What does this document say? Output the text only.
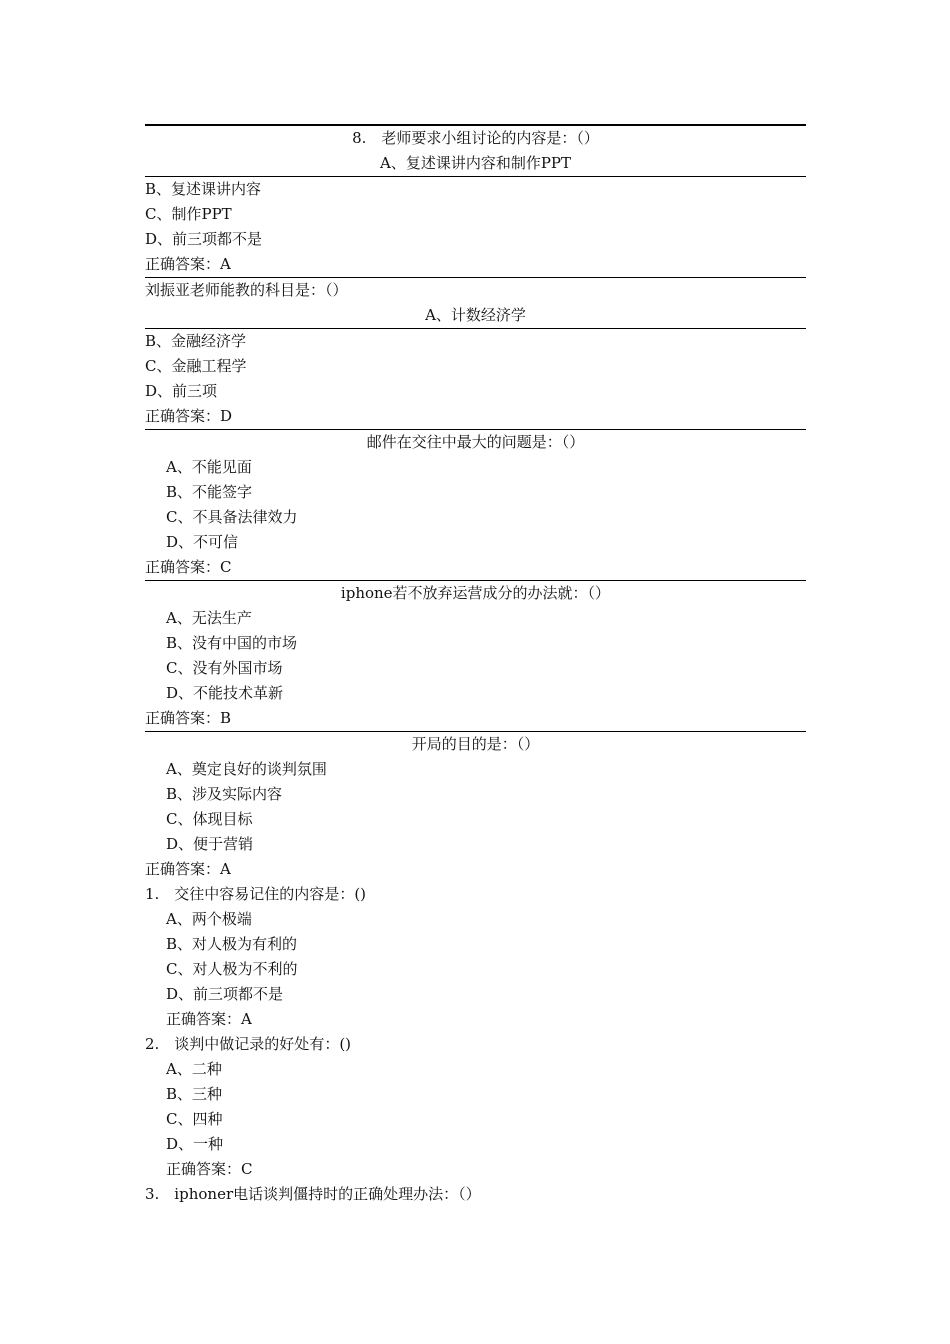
8.　老师要求小组讨论的内容是：（）
A、复述课讲内容和制作PPT
B、复述课讲内容
C、制作PPT
D、前三项都不是
正确答案：A
刘振亚老师能教的科目是：（）
A、计数经济学
B、金融经济学
C、金融工程学
D、前三项
正确答案：D
邮件在交往中最大的问题是：（）
A、不能见面
B、不能签字
C、不具备法律效力
D、不可信
正确答案：C
iphone若不放弃运营成分的办法就：（）
A、无法生产
B、没有中国的市场
C、没有外国市场
D、不能技术革新
正确答案：B
开局的目的是：（）
A、奠定良好的谈判氛围
B、涉及实际内容
C、体现目标
D、便于营销
正确答案：A
1.　交往中容易记住的内容是：()
A、两个极端
B、对人极为有利的
C、对人极为不利的
D、前三项都不是
正确答案：A
2.　谈判中做记录的好处有：()
A、二种
B、三种
C、四种
D、一种
正确答案：C
3.　iphoner电话谈判僵持时的正确处理办法：（）
